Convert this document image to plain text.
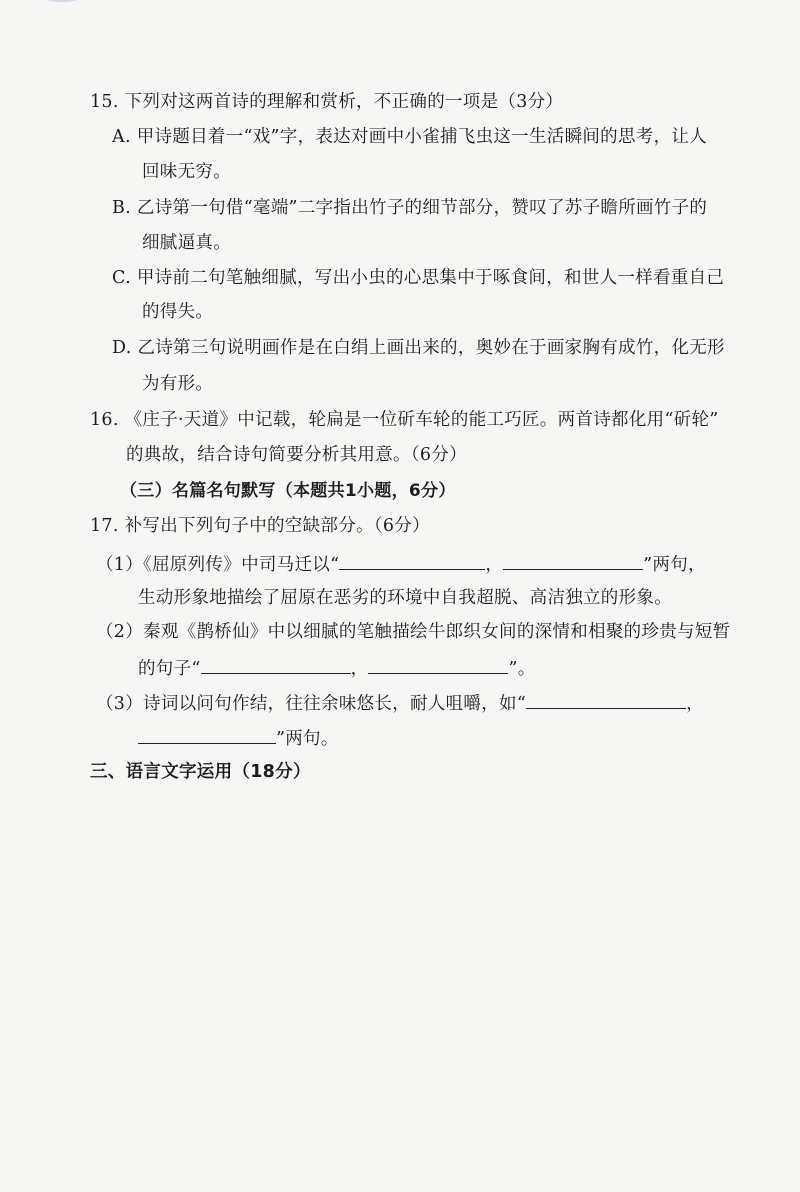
15. 下列对这两首诗的理解和赏析，不正确的一项是（3分）
A. 甲诗题目着一“戏”字，表达对画中小雀捕飞虫这一生活瞬间的思考，让人
回味无穷。
B. 乙诗第一句借“毫端”二字指出竹子的细节部分，赞叹了苏子瞻所画竹子的
细腻逼真。
C. 甲诗前二句笔触细腻，写出小虫的心思集中于啄食间，和世人一样看重自己
的得失。
D. 乙诗第三句说明画作是在白绢上画出来的，奥妙在于画家胸有成竹，化无形
为有形。
16. 《庄子·天道》中记载，轮扁是一位斫车轮的能工巧匠。两首诗都化用“斫轮”
的典故，结合诗句简要分析其用意。（6分）
（三）名篇名句默写（本题共1小题，6分）
17. 补写出下列句子中的空缺部分。（6分）
（1）《屈原列传》中司马迁以“	，	”两句，
生动形象地描绘了屈原在恶劣的环境中自我超脱、高洁独立的形象。
（2）秦观《鹊桥仙》中以细腻的笔触描绘牛郎织女间的深情和相聚的珍贵与短暂
的句子“	，	”。
（3）诗词以问句作结，往往余味悠长，耐人咀嚼，如“	，
”两句。
三、语言文字运用（18分）
